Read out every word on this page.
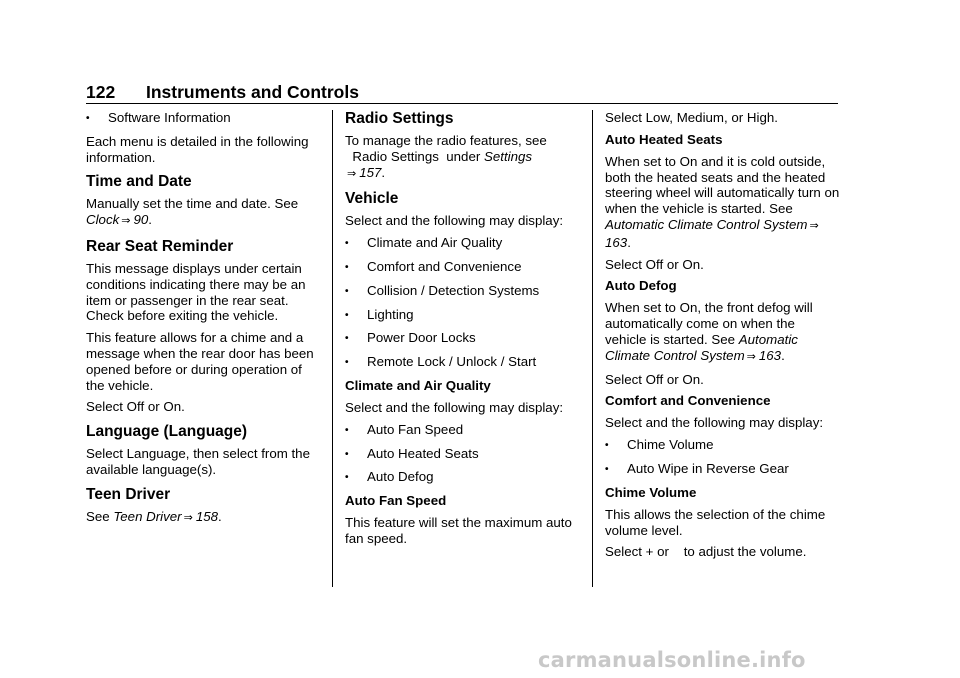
122 Instruments and Controls
•
Software Information

Each menu is detailed in the following information.

Time and Date

Manually set the time and date. See
Clock ⇒ 90.

Rear Seat Reminder

This message displays under certain conditions indicating there may be an item or passenger in the rear seat. Check before exiting the vehicle.

This feature allows for a chime and a message when the rear door has been opened before or during operation of the vehicle.

Select Off or On.

Language (Language)

Select Language, then select from the available language(s).

Teen Driver

See Teen Driver ⇒ 158.

Radio Settings

To manage the radio features, see
Radio Settings under Settings
⇒ 157.

Vehicle

Select and the following may display:

•
Climate and Air Quality
•
Comfort and Convenience
•
Collision / Detection Systems
•
Lighting
•
Power Door Locks
•
Remote Lock / Unlock / Start
Climate and Air Quality

Select and the following may display:

•
Auto Fan Speed
•
Auto Heated Seats
•
Auto Defog
Auto Fan Speed

This feature will set the maximum auto fan speed.

Select Low, Medium, or High.

Auto Heated Seats

When set to On and it is cold outside, both the heated seats and the heated steering wheel will automatically turn on when the vehicle is started. See Automatic Climate Control System ⇒163.

Select Off or On.

Auto Defog

When set to On, the front defog will automatically come on when the vehicle is started. See Automatic Climate Control System ⇒ 163.

Select Off or On.

Comfort and Convenience

Select and the following may display:

•
Chime Volume
•
Auto Wipe in Reverse Gear
Chime Volume

This allows the selection of the chime volume level.

Select + or    to adjust the volume.

carmanualsonline.info
